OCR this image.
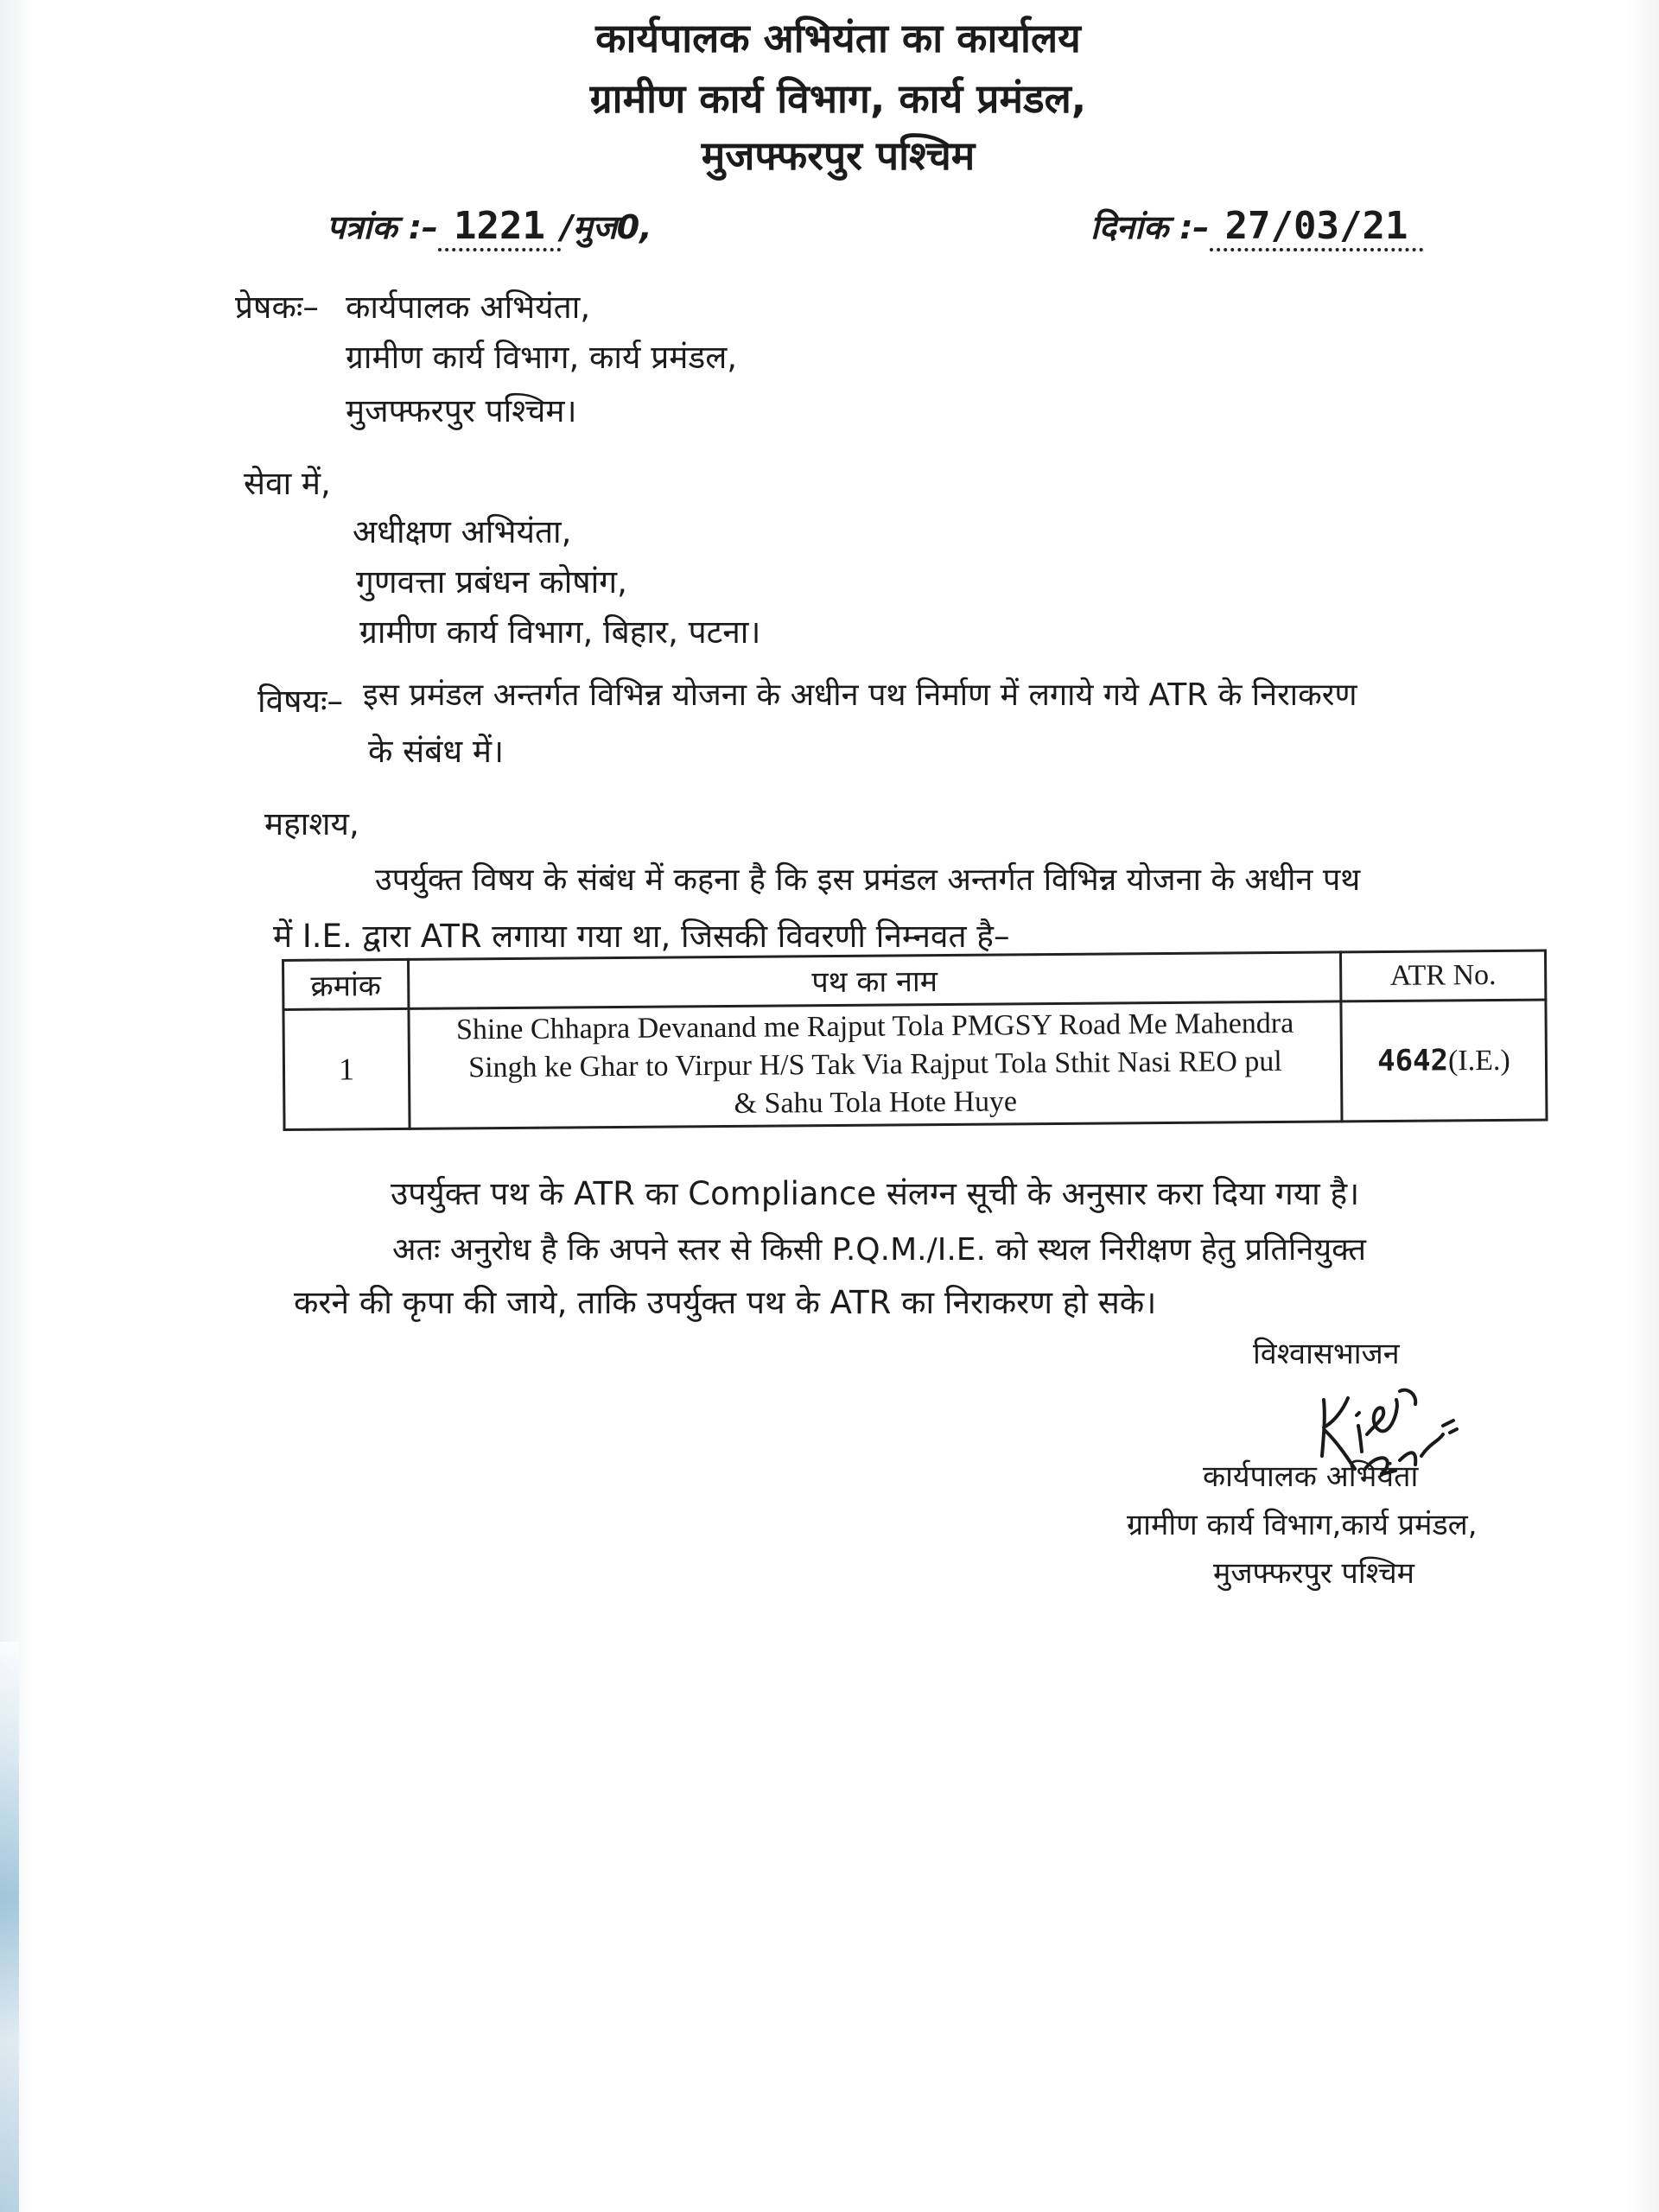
कार्यपालक अभियंता का कार्यालय
ग्रामीण कार्य विभाग, कार्य प्रमंडल,
मुजफ्फरपुर पश्चिम
पत्रांक :– 1221 /मुज0,	दिनांक :– 27/03/21
प्रेषकः– कार्यपालक अभियंता,
ग्रामीण कार्य विभाग, कार्य प्रमंडल,
मुजफ्फरपुर पश्चिम।
सेवा में,
अधीक्षण अभियंता,
गुणवत्ता प्रबंधन कोषांग,
ग्रामीण कार्य विभाग, बिहार, पटना।
विषयः– इस प्रमंडल अन्तर्गत विभिन्न योजना के अधीन पथ निर्माण में लगाये गये ATR के निराकरण
के संबंध में।
महाशय,
उपर्युक्त विषय के संबंध में कहना है कि इस प्रमंडल अन्तर्गत विभिन्न योजना के अधीन पथ
में I.E. द्वारा ATR लगाया गया था, जिसकी विवरणी निम्नवत है–
क्रमांक	पथ का नाम	ATR No.
1	Shine Chhapra Devanand me Rajput Tola PMGSY Road Me Mahendra
Singh ke Ghar to Virpur H/S Tak Via Rajput Tola Sthit Nasi REO pul
& Sahu Tola Hote Huye	4642(I.E.)
उपर्युक्त पथ के ATR का Compliance संलग्न सूची के अनुसार करा दिया गया है।
अतः अनुरोध है कि अपने स्तर से किसी P.Q.M./I.E. को स्थल निरीक्षण हेतु प्रतिनियुक्त
करने की कृपा की जाये, ताकि उपर्युक्त पथ के ATR का निराकरण हो सके।
विश्वासभाजन
कार्यपालक अभियंता
ग्रामीण कार्य विभाग,कार्य प्रमंडल,
मुजफ्फरपुर पश्चिम
